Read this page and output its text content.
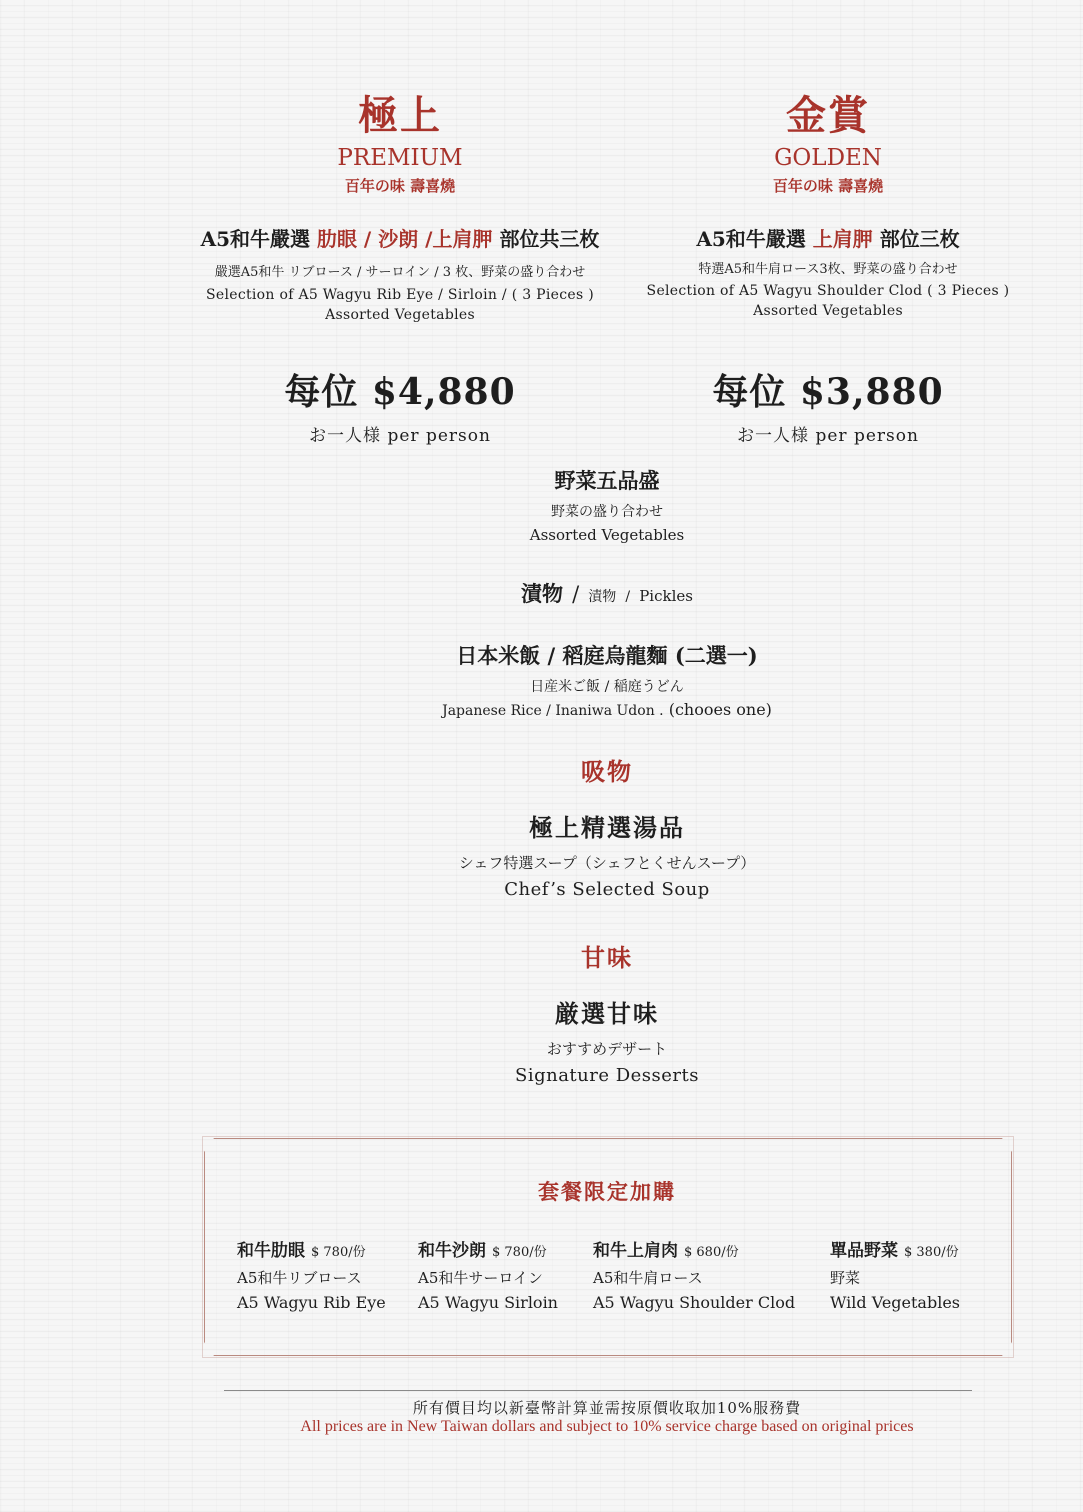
極上
PREMIUM
百年の味 壽喜燒
A5和牛嚴選 肋眼 / 沙朗 /上肩胛 部位共三枚
嚴選A5和牛 リブロース / サーロイン / 3 枚、野菜の盛り合わせ
Selection of A5 Wagyu Rib Eye / Sirloin / ( 3 Pieces )
Assorted Vegetables
每位 $4,880
お一人様 per person
金賞
GOLDEN
百年の味 壽喜燒
A5和牛嚴選 上肩胛 部位三枚
特選A5和牛肩ロース3枚、野菜の盛り合わせ
Selection of A5 Wagyu Shoulder Clod ( 3 Pieces )
Assorted Vegetables
每位 $3,880
お一人様 per person
野菜五品盛
野菜の盛り合わせ
Assorted Vegetables
漬物 / 漬物 / Pickles
日本米飯 / 稻庭烏龍麵 (二選一)
日産米ご飯 / 稲庭うどん
Japanese Rice / Inaniwa Udon . (chooes one)
吸物
極上精選湯品
シェフ特選スープ（シェフとくせんスープ）
Chef’s Selected Soup
甘味
厳選甘味
おすすめデザート
Signature Desserts
套餐限定加購
和牛肋眼 $ 780/份
A5和牛リブロース
A5 Wagyu Rib Eye
和牛沙朗 $ 780/份
A5和牛サーロイン
A5 Wagyu Sirloin
和牛上肩肉 $ 680/份
A5和牛肩ロース
A5 Wagyu Shoulder Clod
單品野菜 $ 380/份
野菜
Wild Vegetables
所有價目均以新臺幣計算並需按原價收取加10%服務費
All prices are in New Taiwan dollars and subject to 10% service charge based on original prices
